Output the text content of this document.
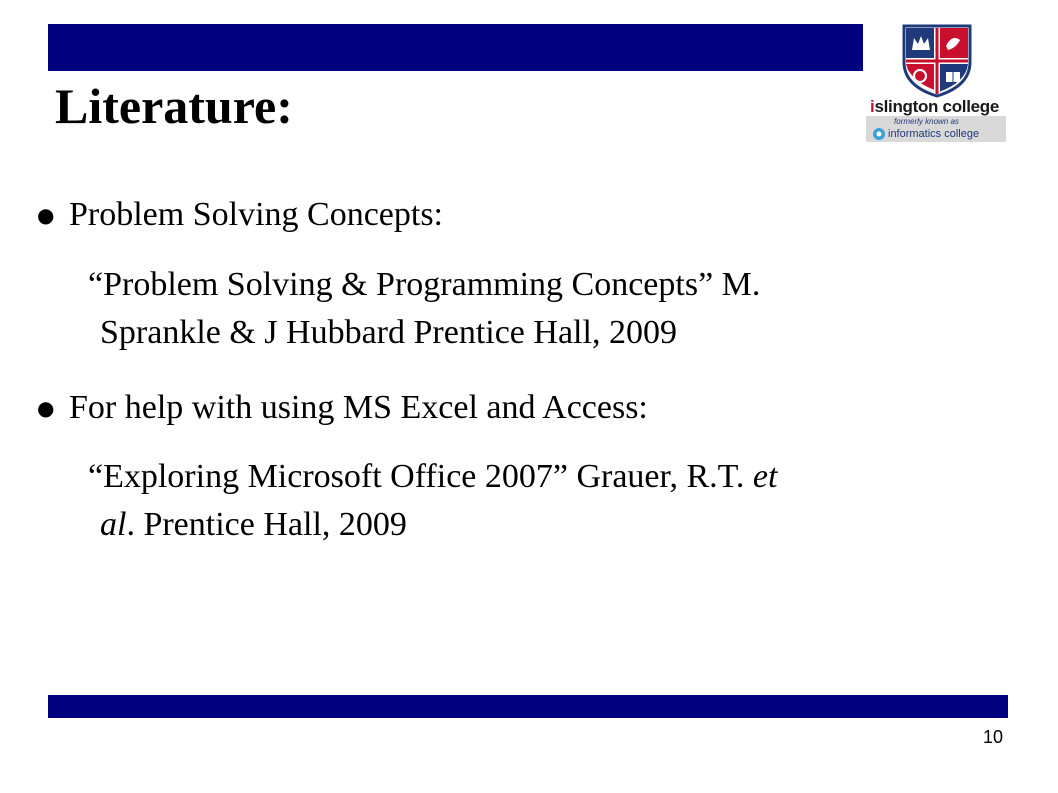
islington college
formerly known as
informatics college
Literature:
● Problem Solving Concepts:
“Problem Solving & Programming Concepts” M.
Sprankle & J Hubbard Prentice Hall, 2009
● For help with using MS Excel and Access:
“Exploring Microsoft Office 2007” Grauer, R.T. et
al. Prentice Hall, 2009
10
